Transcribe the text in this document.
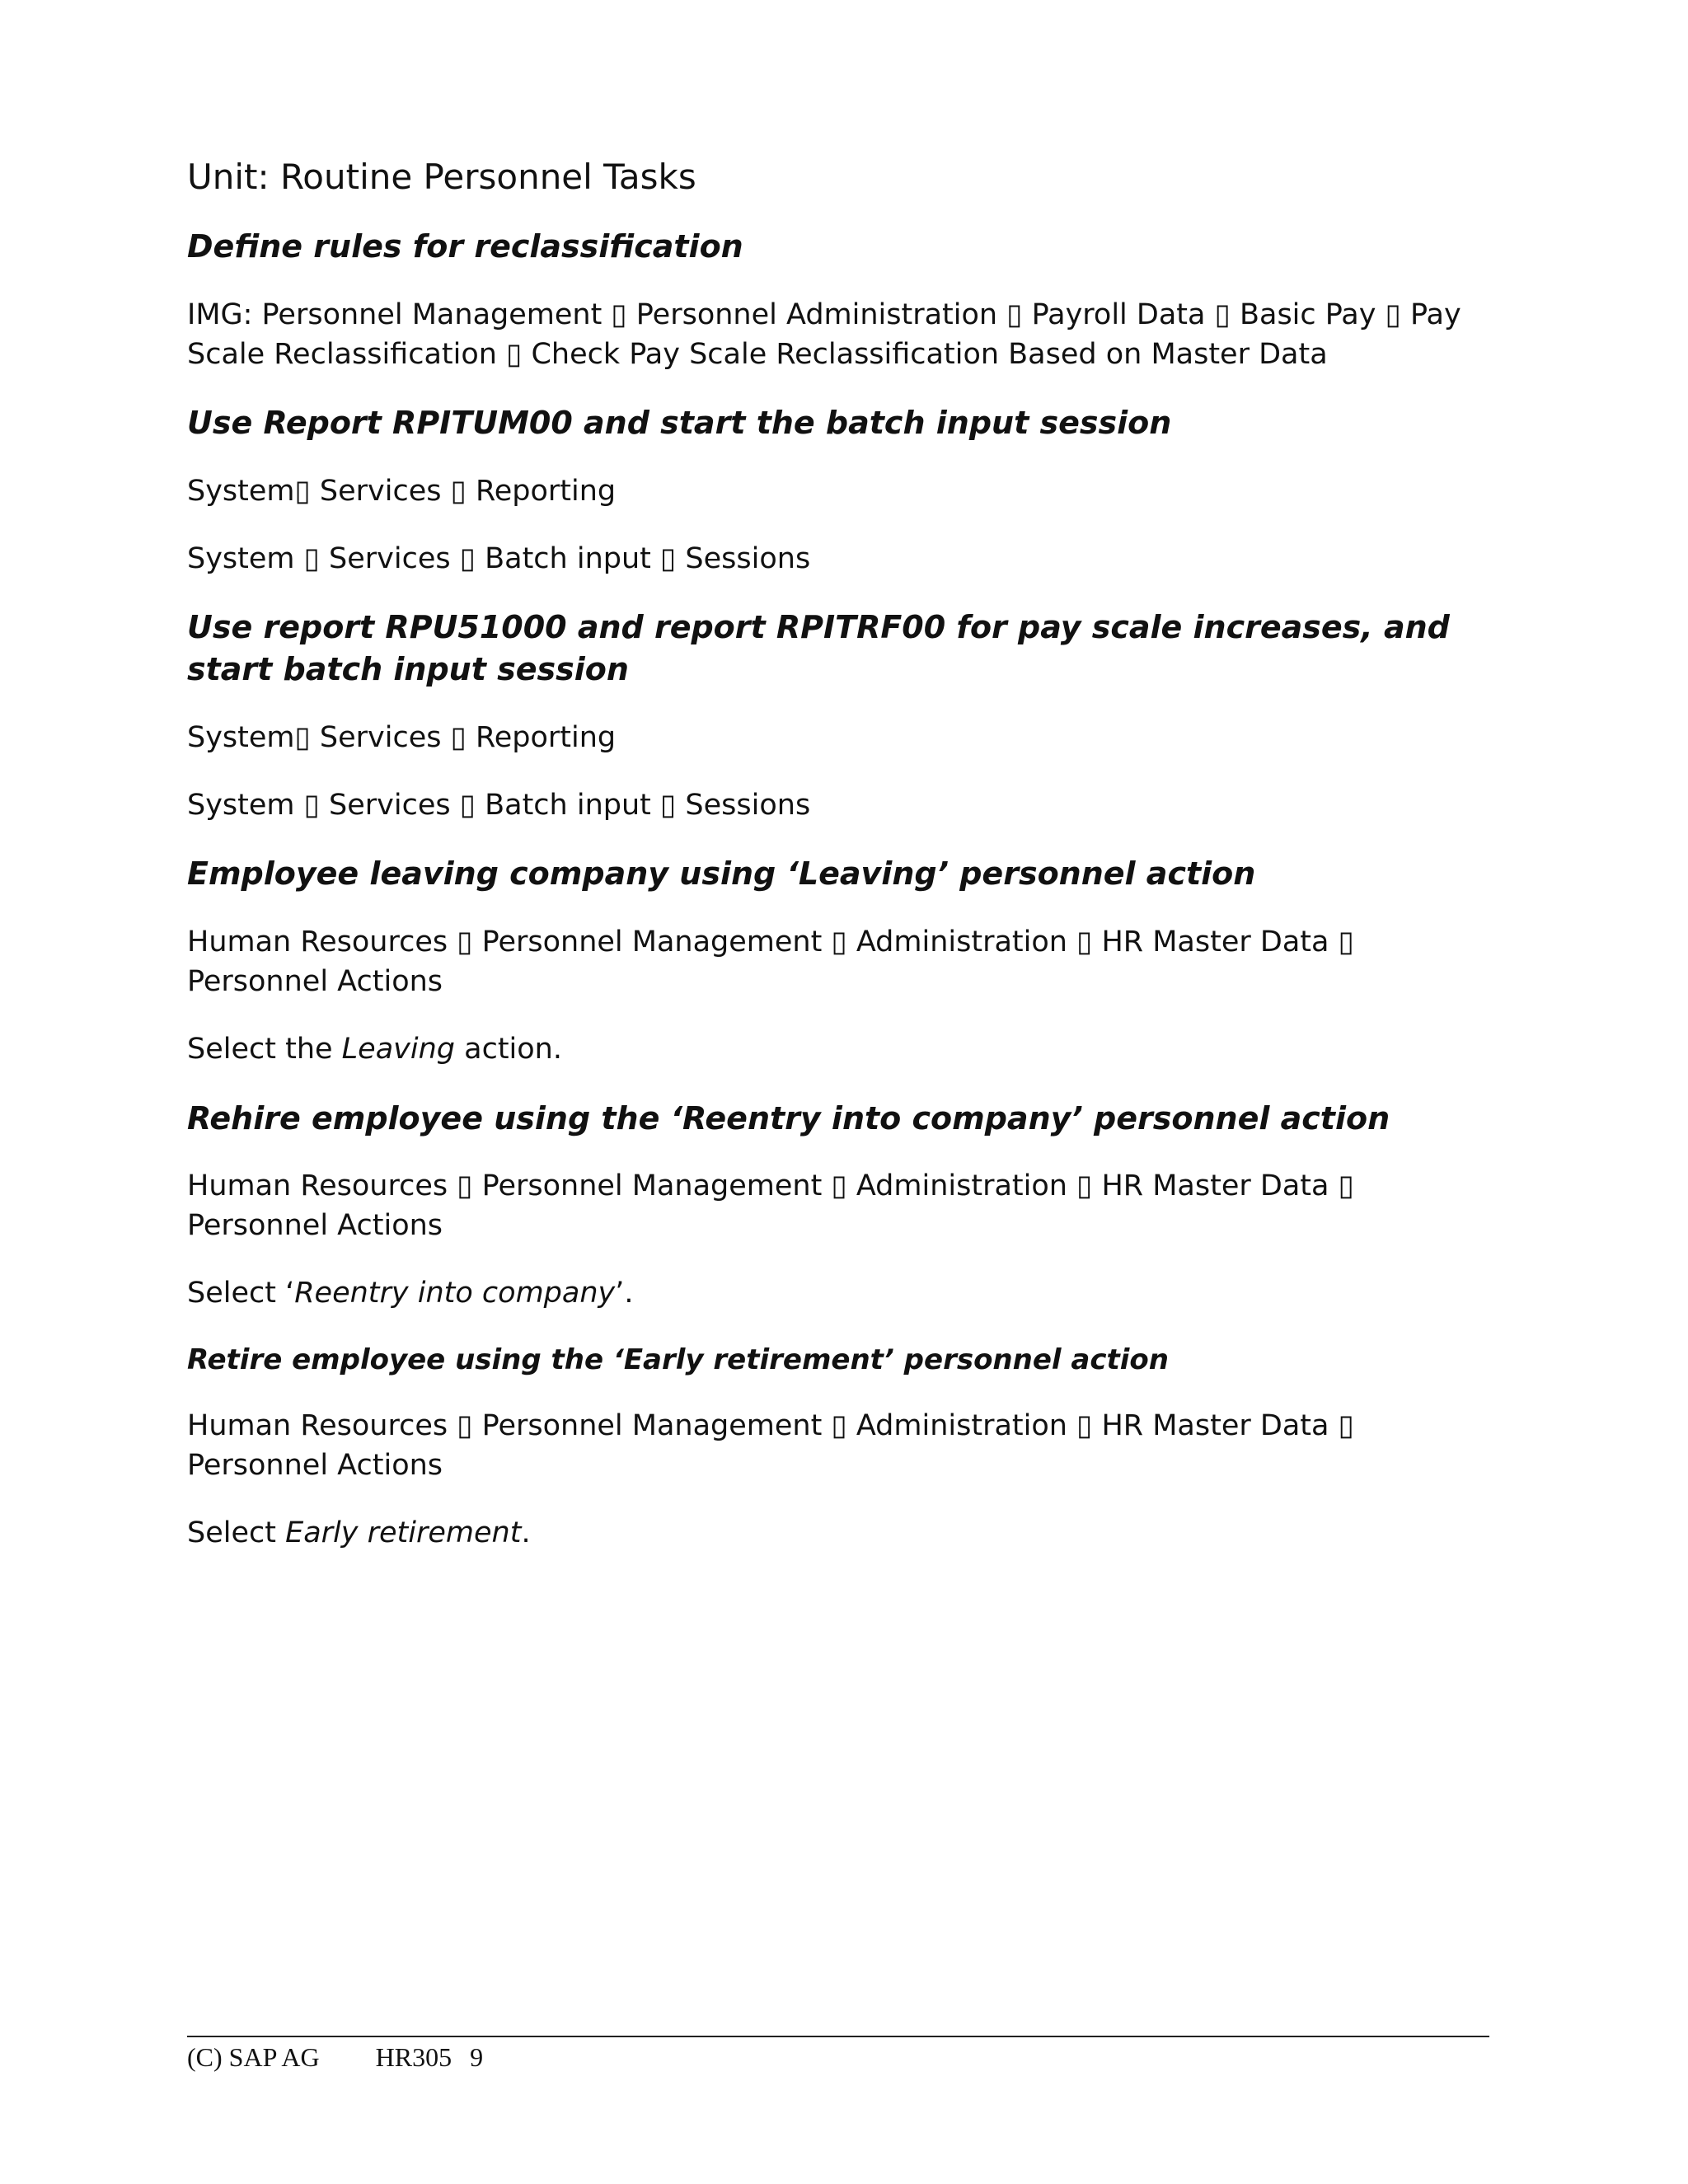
Unit: Routine Personnel Tasks
Define rules for reclassification

IMG: Personnel Management ▯ Personnel Administration ▯ Payroll Data ▯ Basic Pay ▯ Pay Scale Reclassification ▯ Check Pay Scale Reclassification Based on Master Data

Use Report RPITUM00 and start the batch input session

System▯ Services ▯ Reporting

System ▯ Services ▯ Batch input ▯ Sessions

Use report RPU51000 and report RPITRF00 for pay scale increases, and start batch input session

System▯ Services ▯ Reporting

System ▯ Services ▯ Batch input ▯ Sessions

Employee leaving company using ‘Leaving’ personnel action

Human Resources ▯ Personnel Management ▯ Administration ▯ HR Master Data ▯ Personnel Actions

Select the Leaving action.

Rehire employee using the ‘Reentry into company’ personnel action

Human Resources ▯ Personnel Management ▯ Administration ▯ HR Master Data ▯ Personnel Actions

Select ‘Reentry into company’.

Retire employee using the ‘Early retirement’ personnel action

Human Resources ▯ Personnel Management ▯ Administration ▯ HR Master Data ▯ Personnel Actions

Select Early retirement.

(C) SAP AG HR305 9
